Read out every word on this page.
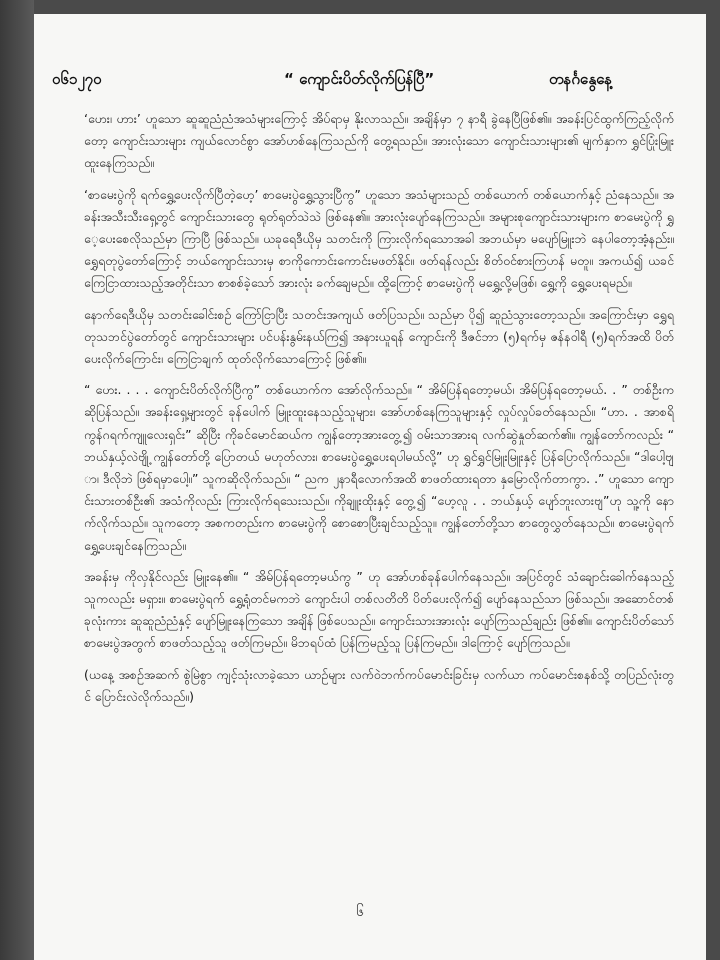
၀၆၁၂၇၀	“ ကျောင်းပိတ်လိုက်ပြန်ပြီ”	တနင်္ဂနွေနေ့

‘ဟေး၊ ဟား’ ဟူသော ဆူဆူညံညံအသံများကြောင့် အိပ်ရာမှ နိုးလာသည်။ အချိန်မှာ ၇ နာရီ ခွဲနေပြီဖြစ်၏။ အခန်းပြင်ထွက်ကြည့်လိုက်တော့ ကျောင်းသားများ ကျယ်လောင်စွာ အော်ဟစ်နေကြသည်ကို တွေ့ရသည်။ အားလုံးသော ကျောင်းသားများ၏ မျက်နှာက ရွှင်ပြုံးမြူးထူးနေကြသည်။

‘စာမေးပွဲကို ရက်ရွှေ့ပေးလိုက်ပြီတဲ့ဟေ့’ စာမေးပွဲရွှေ့သွားပြီကွ” ဟူသော အသံများသည် တစ်ယောက် တစ်ယောက်နှင့် ညံနေသည်။ အခန်းအသီးသီးရှေ့တွင် ကျောင်းသားတွေ ရုတ်ရုတ်သဲသဲ ဖြစ်နေ၏။ အားလုံးပျော်နေကြသည်။ အများစုကျောင်းသားများက စာမေးပွဲကို ရွှေ့ပေးစေလိုသည်မှာ ကြာပြီ ဖြစ်သည်။ ယခုရေဒီယိုမှ သတင်းကို ကြားလိုက်ရသောအခါ အဘယ်မှာ မပျော်မြူးဘဲ နေပါတော့အံ့နည်း။ ရွှေရတုပွဲတော်ကြောင့် ဘယ်ကျောင်းသားမှ စာကိုကောင်းကောင်းမဖတ်နိုင်။ ဖတ်ရန်လည်း စိတ်ဝင်စားကြဟန် မတူ။ အကယ်၍ ယခင် ကြေငြာထားသည့်အတိုင်းသာ စာစစ်ခဲ့သော် အားလုံး ခက်ချေမည်။ ထို့ကြောင့် စာမေးပွဲကို မရွှေ့လို့မဖြစ်၊ ရွှေ့ကို ရွှေ့ပေးရမည်။

နောက်ရေဒီယိုမှ သတင်းခေါင်းစဉ် ကြော်ငြာပြီး သတင်းအကျယ် ဖတ်ပြသည်။ သည်မှာ ပို၍ ဆူညံသွားတော့သည်။ အကြောင်းမှာ ရွှေရတုသဘင်ပွဲတော်တွင် ကျောင်းသားများ ပင်ပန်းနွမ်းနယ်ကြ၍ အနားယူရန် ကျောင်းကို ဒီဇင်ဘာ (၅)ရက်မှ ဇန်နဝါရီ (၅)ရက်အထိ ပိတ်ပေးလိုက်ကြောင်း၊ ကြေငြာချက် ထုတ်လိုက်သောကြောင့် ဖြစ်၏။

“ ဟေး. . . . ကျောင်းပိတ်လိုက်ပြီကွ” တစ်ယောက်က အော်လိုက်သည်။ “ အိမ်ပြန်ရတော့မယ်၊ အိမ်ပြန်ရတော့မယ်. . ” တစ်ဦးက ဆိုပြန်သည်။ အခန်းရှေ့များတွင် ခုန်ပေါက် မြူးထူးနေသည့်သူများ၊ အော်ဟစ်နေကြသူများနှင့် လှုပ်လှုပ်ခတ်နေသည်။ “ဟာ. . အာစရိ ကွန်ဂရက်ကျူလေးရှင်း” ဆိုပြီး ကိုခင်မောင်ဆယ်က ကျွန်တော့အားတွေ့၍ ဝမ်းသာအားရ လက်ဆွဲနှုတ်ဆက်၏။ ကျွန်တော်ကလည်း “ ဘယ်နှယ့်လဲဗျို့ ကျွန်တော်တို့ ပြောတယ် မဟုတ်လား၊ စာမေးပွဲရွှေ့ပေးရပါမယ်လို့” ဟု ရွှင်ရွှင်မြူးမြူးနှင့် ပြန်ပြောလိုက်သည်။ “ဒါပေါ့ဗျာ၊ ဒီလိုဘဲ ဖြစ်ရမှာပေါ့။” သူကဆိုလိုက်သည်။ “ ညက ၂နာရီလောက်အထိ စာဖတ်ထားရတာ နှမြောလိုက်တာကွာ. .” ဟူသော ကျောင်းသားတစ်ဦး၏ အသံကိုလည်း ကြားလိုက်ရသေးသည်။ ကိုချူးထိုးနှင့် တွေ့၍ “ဟေ့လူ . . ဘယ်နှယ့် ပျော်ဘူးလားဗျ”ဟု သူ့ကို နောက်လိုက်သည်။ သူကတော့ အစကတည်းက စာမေးပွဲကို စောစောပြီးချင်သည့်သူ။ ကျွန်တော်တို့သာ စာတွေလွှတ်နေသည်။ စာမေးပွဲရက် ရွှေ့ပေးချင်နေကြသည်။

အခန်းမှ ကိုလှနိုင်လည်း မြူးနေ၏။ “ အိမ်ပြန်ရတော့မယ်ကွ ” ဟု အော်ဟစ်ခုန်ပေါက်နေသည်။ အပြင်တွင် သံချောင်းခေါက်နေသည့် သူကလည်း မရှား။ စာမေးပွဲရက် ရွှေ့ရုံတင်မကဘဲ ကျောင်းပါ တစ်လတိတိ ပိတ်ပေးလိုက်၍ ပျော်နေသည်သာ ဖြစ်သည်။ အဆောင်တစ်ခုလုံးကား ဆူဆူညံညံနှင့် ပျော်မြူးနေကြသော အချိန် ဖြစ်ပေသည်။ ကျောင်းသားအားလုံး ပျော်ကြသည်ချည်း ဖြစ်၏။ ကျောင်းပိတ်သော် စာမေးပွဲအတွက် စာဖတ်သည့်သူ ဖတ်ကြမည်။ မိဘရပ်ထံ ပြန်ကြမည့်သူ ပြန်ကြမည်။ ဒါကြောင့် ပျော်ကြသည်။

(ယနေ့ အစဉ်အဆက် စွဲမြဲစွာ ကျင့်သုံးလာခဲ့သော ယာဉ်များ လက်ဝဲဘက်ကပ်မောင်းခြင်းမှ လက်ယာ ကပ်မောင်းစနစ်သို့ တပြည်လုံးတွင် ပြောင်းလဲလိုက်သည်။)

၆
